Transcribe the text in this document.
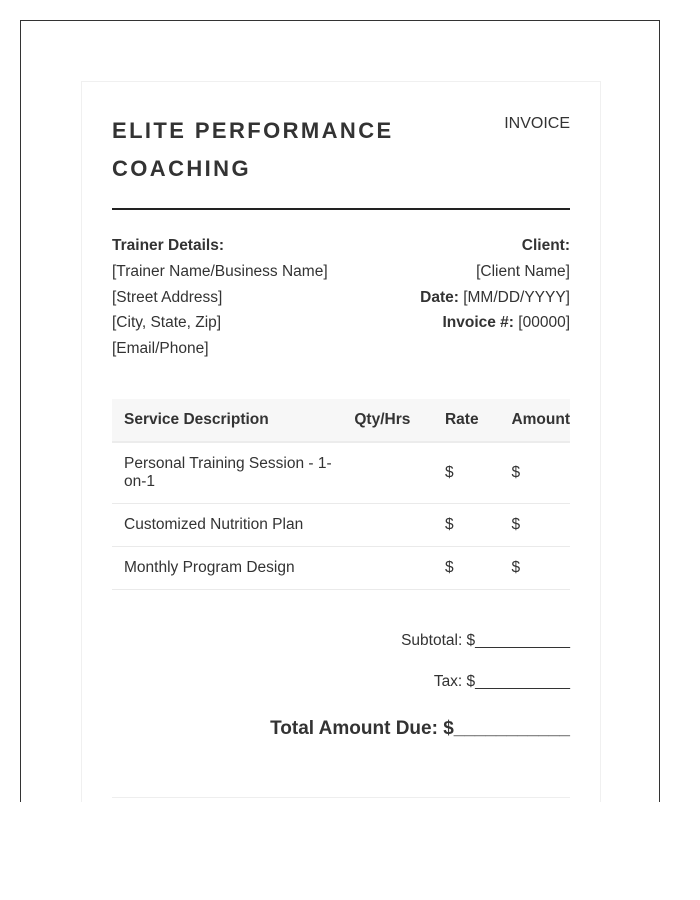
ELITE PERFORMANCE COACHING
INVOICE
Trainer Details:
[Trainer Name/Business Name]
[Street Address]
[City, State, Zip]
[Email/Phone]
Client:
[Client Name]
Date: [MM/DD/YYYY]
Invoice #: [00000]
Service Description	Qty/Hrs	Rate	Amount
Personal Training Session - 1-on-1		$	$
Customized Nutrition Plan		$	$
Monthly Program Design		$	$
Subtotal: $___________
Tax: $___________
Total Amount Due: $___________
